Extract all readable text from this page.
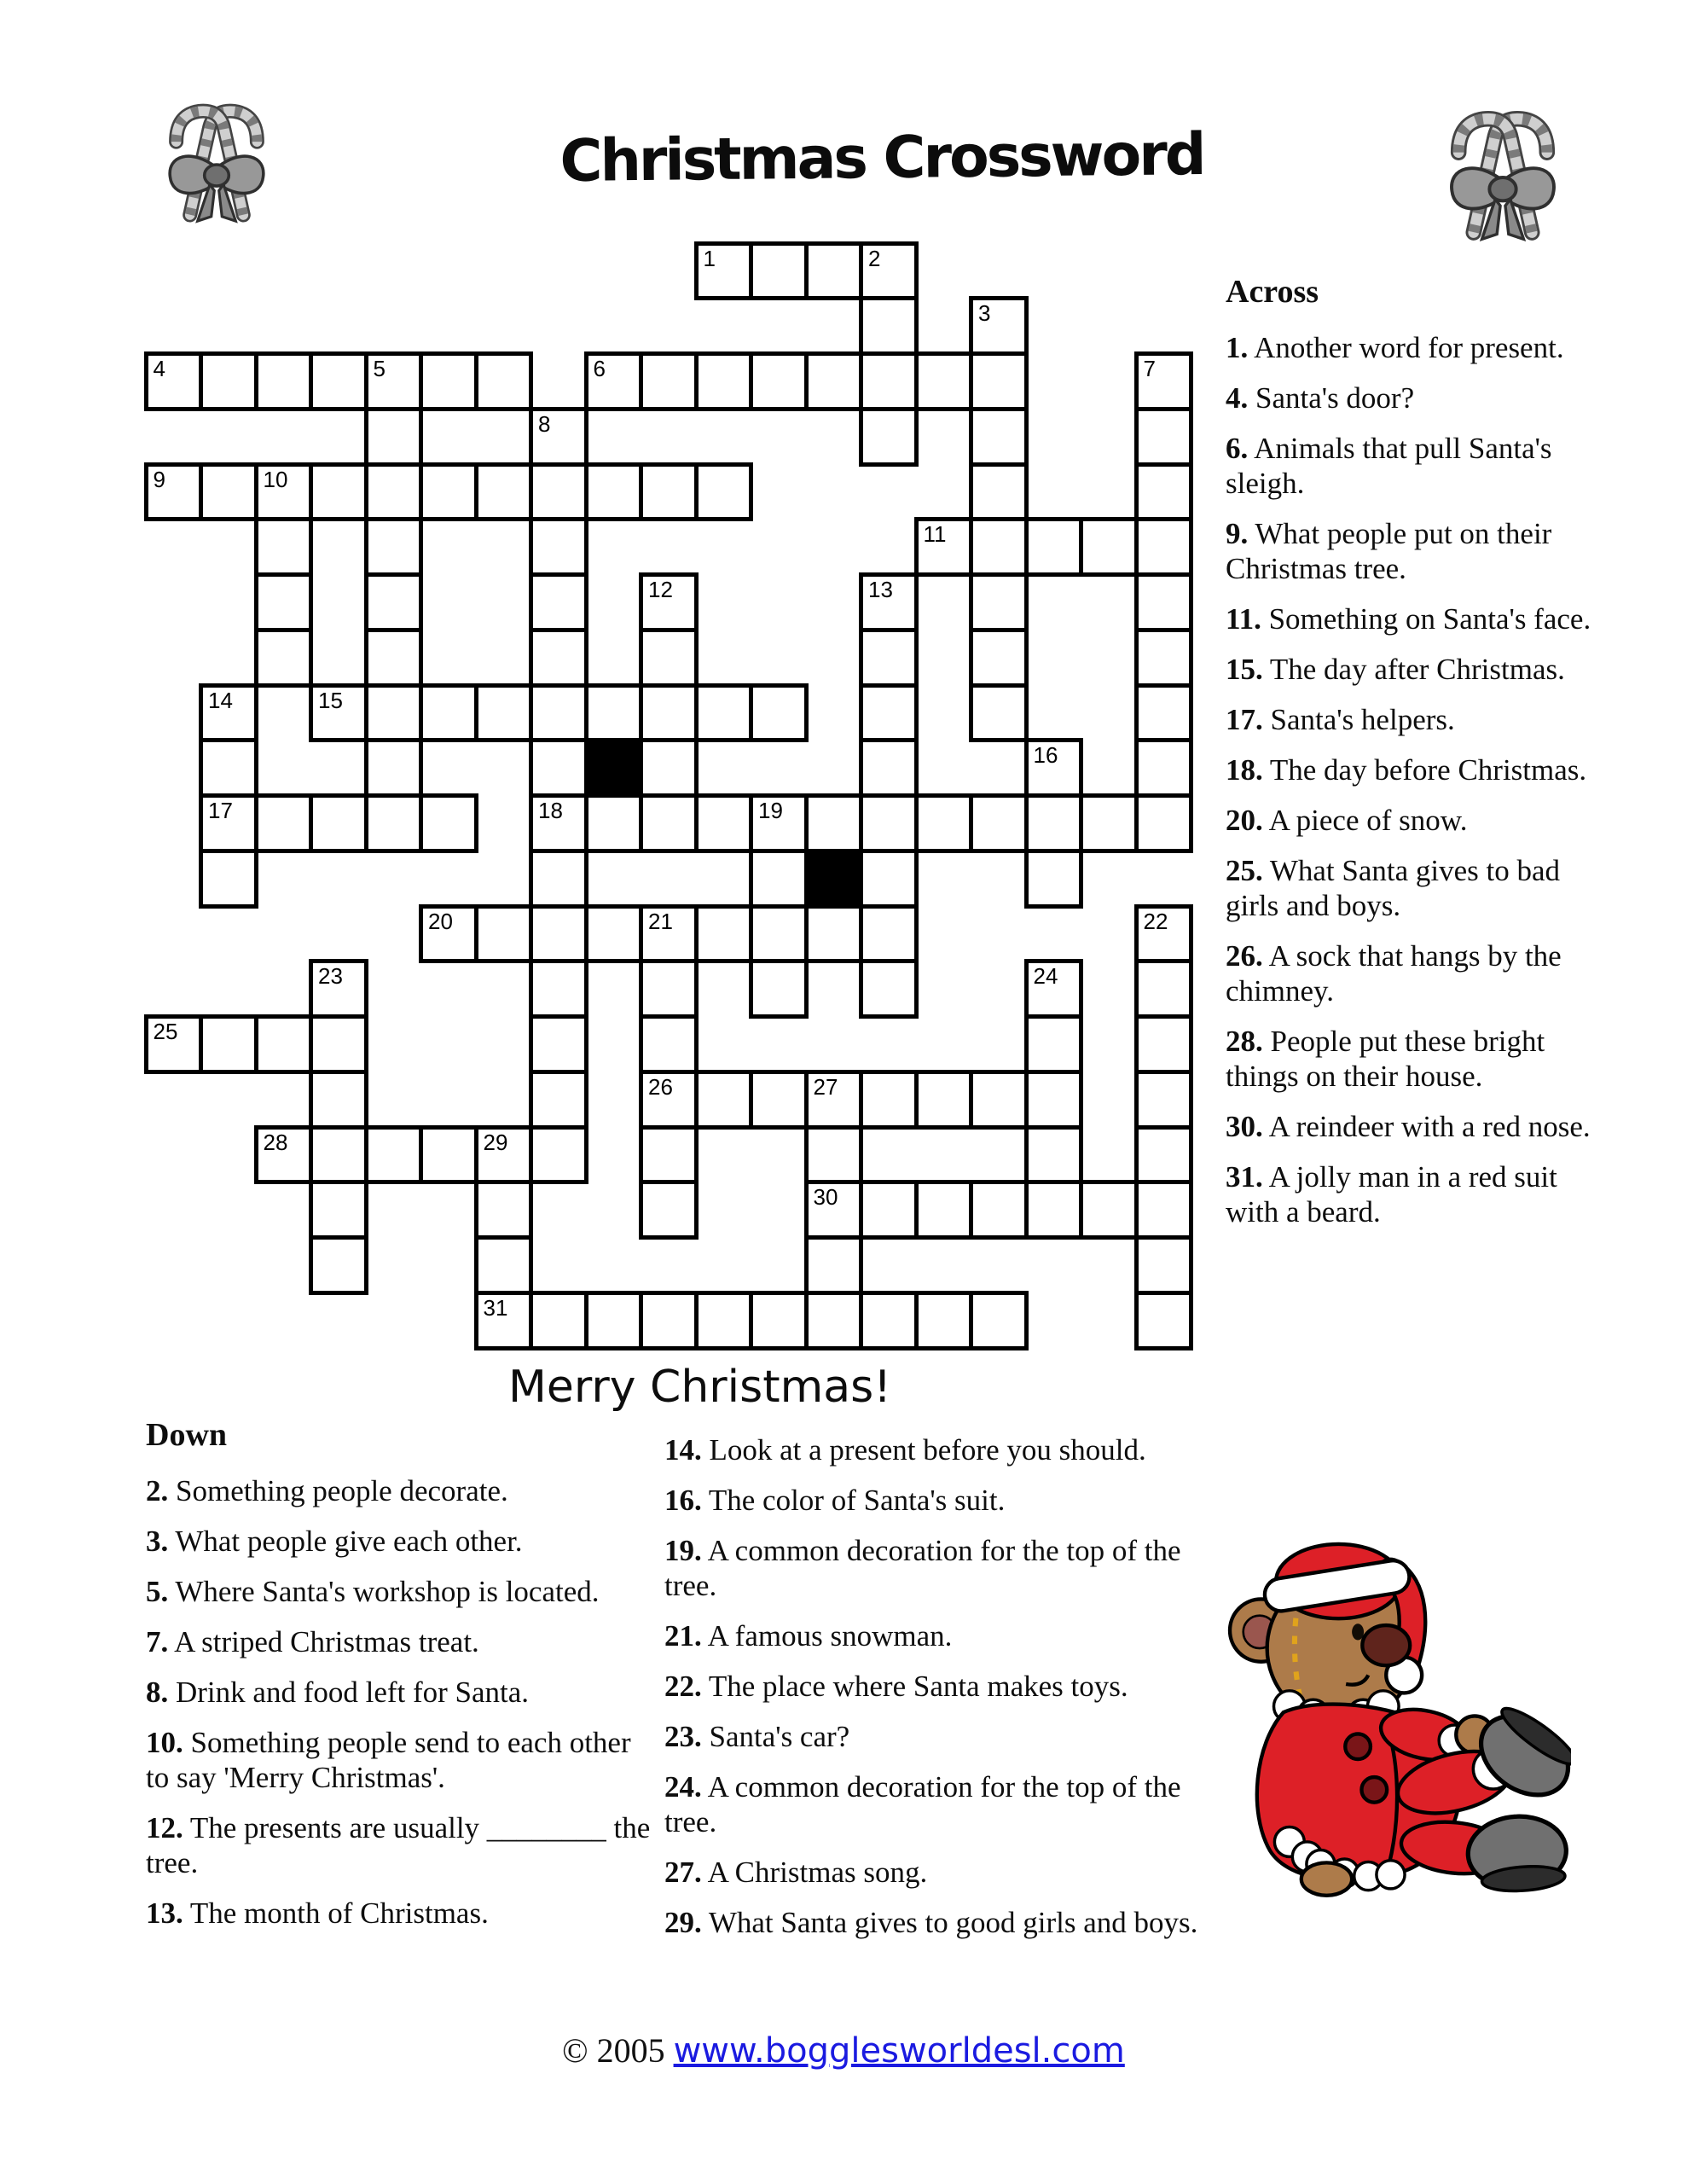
Christmas Crossword
1	2
3
4	5	6	7
8
9	10
11
12	13
14	15
16
17	18	19
20	21	22
23	24
25
26	27
28	29
30
31
Merry Christmas!

Across

1. Another word for present.

4. Santa's door?

6. Animals that pull Santa's sleigh.

9. What people put on their Christmas tree.

11. Something on Santa's face.

15. The day after Christmas.

17. Santa's helpers.

18. The day before Christmas.

20. A piece of snow.

25. What Santa gives to bad girls and boys.

26. A sock that hangs by the chimney.

28. People put these bright things on their house.

30. A reindeer with a red nose.

31. A jolly man in a red suit with a beard.

Down

2. Something people decorate.

3. What people give each other.

5. Where Santa's workshop is located.

7. A striped Christmas treat.

8. Drink and food left for Santa.

10. Something people send to each other to say 'Merry Christmas'.

12. The presents are usually ________ the tree.

13. The month of Christmas.

14. Look at a present before you should.

16. The color of Santa's suit.

19. A common decoration for the top of the tree.

21. A famous snowman.

22. The place where Santa makes toys.

23. Santa's car?

24. A common decoration for the top of the tree.

27. A Christmas song.

29. What Santa gives to good girls and boys.

© 2005 www.bogglesworldesl.com
